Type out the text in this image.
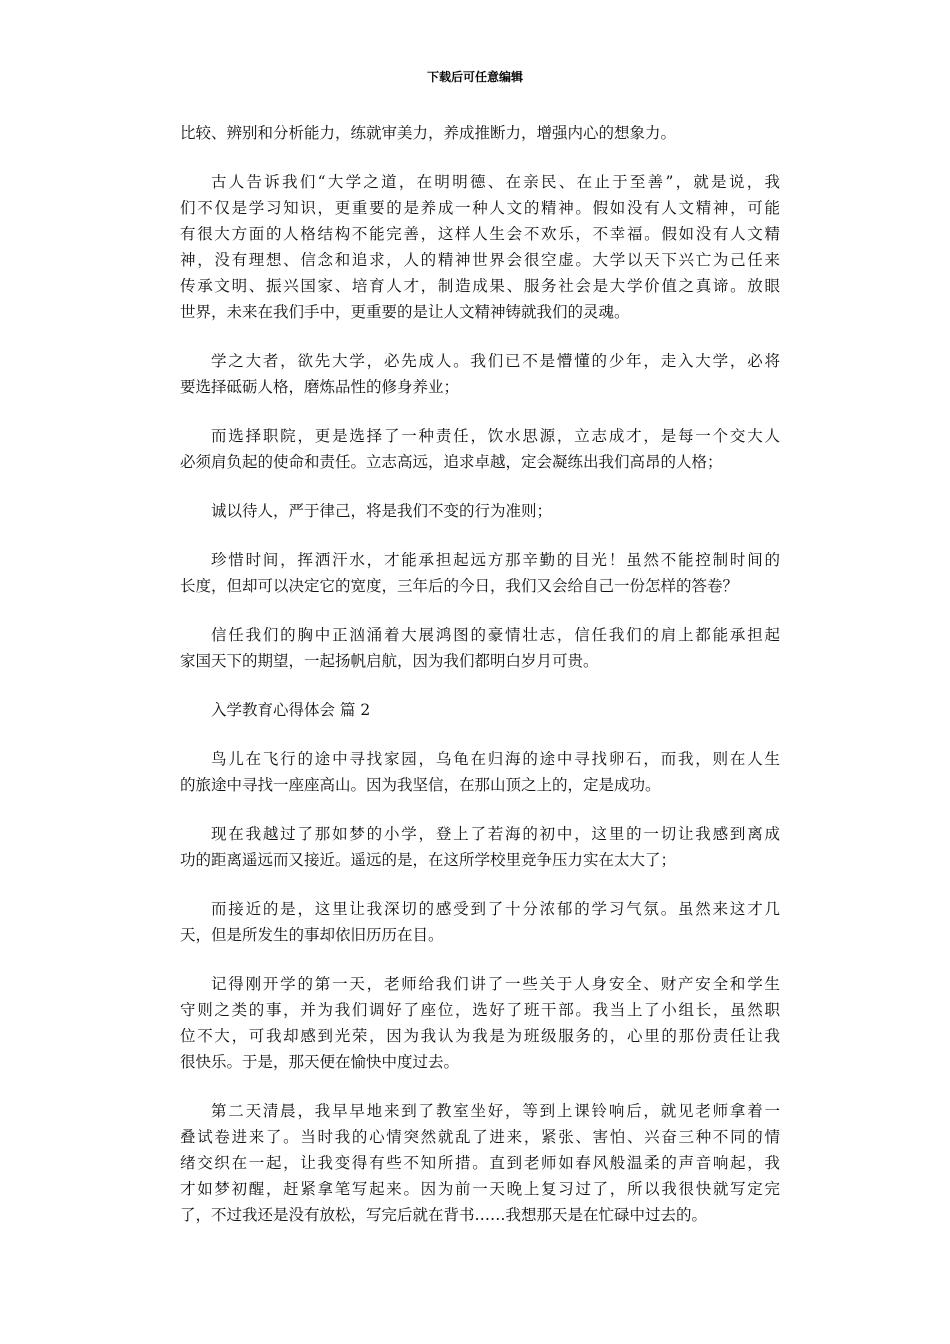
下载后可任意编辑
比较、辨别和分析能力，练就审美力，养成推断力，增强内心的想象力。
古人告诉我们“大学之道，在明明德、在亲民、在止于至善”，就是说，我
们不仅是学习知识，更重要的是养成一种人文的精神。假如没有人文精神，可能
有很大方面的人格结构不能完善，这样人生会不欢乐，不幸福。假如没有人文精
神，没有理想、信念和追求，人的精神世界会很空虚。大学以天下兴亡为己任来
传承文明、振兴国家、培育人才，制造成果、服务社会是大学价值之真谛。放眼
世界，未来在我们手中，更重要的是让人文精神铸就我们的灵魂。
学之大者，欲先大学，必先成人。我们已不是懵懂的少年，走入大学，必将
要选择砥砺人格，磨炼品性的修身养业；
而选择职院，更是选择了一种责任，饮水思源，立志成才，是每一个交大人
必须肩负起的使命和责任。立志高远，追求卓越，定会凝练出我们高昂的人格；
诚以待人，严于律己，将是我们不变的行为准则；
珍惜时间，挥洒汗水，才能承担起远方那辛勤的目光！虽然不能控制时间的
长度，但却可以决定它的宽度，三年后的今日，我们又会给自己一份怎样的答卷？
信任我们的胸中正汹涌着大展鸿图的豪情壮志，信任我们的肩上都能承担起
家国天下的期望，一起扬帆启航，因为我们都明白岁月可贵。
入学教育心得体会 篇 2
鸟儿在飞行的途中寻找家园，乌龟在归海的途中寻找卵石，而我，则在人生
的旅途中寻找一座座高山。因为我坚信，在那山顶之上的，定是成功。
现在我越过了那如梦的小学，登上了若海的初中，这里的一切让我感到离成
功的距离遥远而又接近。遥远的是，在这所学校里竞争压力实在太大了；
而接近的是，这里让我深切的感受到了十分浓郁的学习气氛。虽然来这才几
天，但是所发生的事却依旧历历在目。
记得刚开学的第一天，老师给我们讲了一些关于人身安全、财产安全和学生
守则之类的事，并为我们调好了座位，选好了班干部。我当上了小组长，虽然职
位不大，可我却感到光荣，因为我认为我是为班级服务的，心里的那份责任让我
很快乐。于是，那天便在愉快中度过去。
第二天清晨，我早早地来到了教室坐好，等到上课铃响后，就见老师拿着一
叠试卷进来了。当时我的心情突然就乱了进来，紧张、害怕、兴奋三种不同的情
绪交织在一起，让我变得有些不知所措。直到老师如春风般温柔的声音响起，我
才如梦初醒，赶紧拿笔写起来。因为前一天晚上复习过了，所以我很快就写定完
了，不过我还是没有放松，写完后就在背书……我想那天是在忙碌中过去的。
